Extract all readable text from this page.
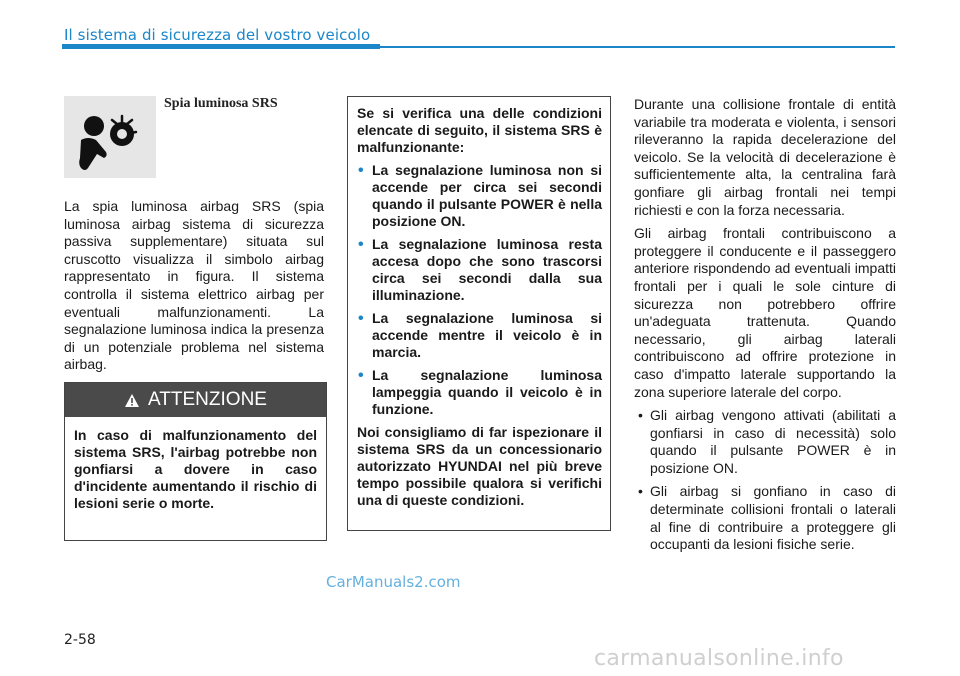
Il sistema di sicurezza del vostro veicolo
Spia luminosa SRS

La spia luminosa airbag SRS (spia luminosa airbag sistema di sicurezza passiva supplementare) situata sul cruscotto visualizza il simbolo airbag rappresentato in figura. Il sistema controlla il sistema elettrico airbag per eventuali malfunzionamenti. La segnalazione luminosa indica la presenza di un potenziale problema nel sistema airbag.

ATTENZIONE
In caso di malfunzionamento del sistema SRS, l'airbag potrebbe non gonfiarsi a dovere in caso d'incidente aumentando il rischio di lesioni serie o morte.

Se si verifica una delle condizioni elencate di seguito, il sistema SRS è malfunzionante:

• La segnalazione luminosa non si accende per circa sei secondi quando il pulsante POWER è nella posizione ON.
• La segnalazione luminosa resta accesa dopo che sono trascorsi circa sei secondi dalla sua illuminazione.
• La segnalazione luminosa si accende mentre il veicolo è in marcia.
• La segnalazione luminosa lampeggia quando il veicolo è in funzione.

Noi consigliamo di far ispezionare il sistema SRS da un concessionario autorizzato HYUNDAI nel più breve tempo possibile qualora si verifichi una di queste condizioni.

Durante una collisione frontale di entità variabile tra moderata e violenta, i sensori rileveranno la rapida decelerazione del veicolo. Se la velocità di decelerazione è sufficientemente alta, la centralina farà gonfiare gli airbag frontali nei tempi richiesti e con la forza necessaria.

Gli airbag frontali contribuiscono a proteggere il conducente e il passeggero anteriore rispondendo ad eventuali impatti frontali per i quali le sole cinture di sicurezza non potrebbero offrire un'adeguata trattenuta. Quando necessario, gli airbag laterali contribuiscono ad offrire protezione in caso d'impatto laterale supportando la zona superiore laterale del corpo.

• Gli airbag vengono attivati (abilitati a gonfiarsi in caso di necessità) solo quando il pulsante POWER è in posizione ON.
• Gli airbag si gonfiano in caso di determinate collisioni frontali o laterali al fine di contribuire a proteggere gli occupanti da lesioni fisiche serie.
CarManuals2.com
2-58
carmanualsonline.info
